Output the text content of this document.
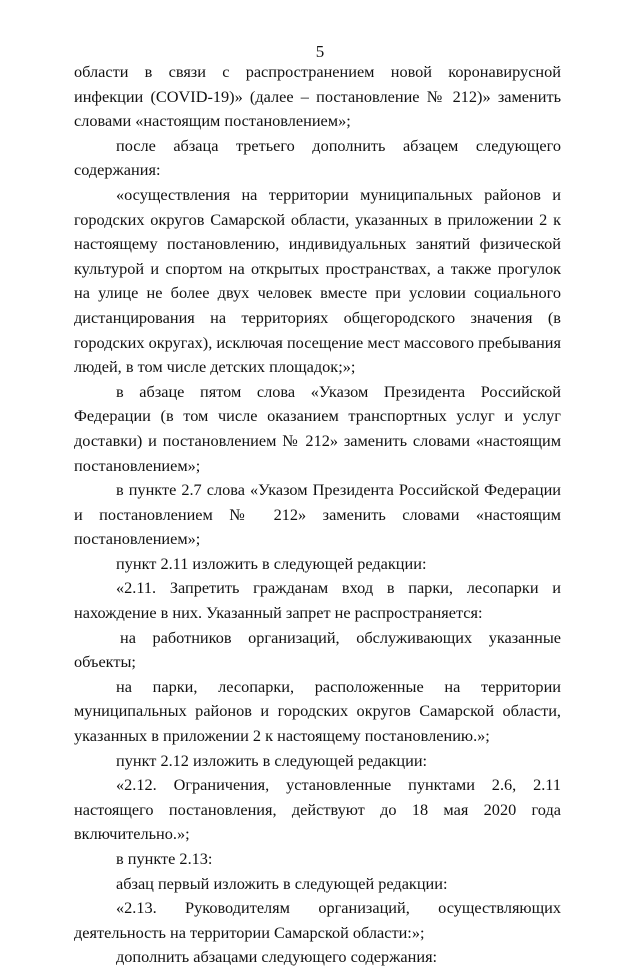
5

области в связи с распространением новой коронавирусной инфекции (COVID-19)» (далее – постановление № 212)» заменить словами «настоящим постановлением»;

после абзаца третьего дополнить абзацем следующего содержания:

«осуществления на территории муниципальных районов и городских округов Самарской области, указанных в приложении 2 к настоящему постановлению, индивидуальных занятий физической культурой и спортом на открытых пространствах, а также прогулок на улице не более двух человек вместе при условии социального дистанцирования на территориях общегородского значения (в городских округах), исключая посещение мест массового пребывания людей, в том числе детских площадок;»;

в абзаце пятом слова «Указом Президента Российской Федерации (в том числе оказанием транспортных услуг и услуг доставки) и постановлением № 212» заменить словами «настоящим постановлением»;

в пункте 2.7 слова «Указом Президента Российской Федерации и постановлением № 212» заменить словами «настоящим постановлением»;

пункт 2.11 изложить в следующей редакции:

«2.11. Запретить гражданам вход в парки, лесопарки и нахождение в них. Указанный запрет не распространяется:

на работников организаций, обслуживающих указанные объекты;

на парки, лесопарки, расположенные на территории муниципальных районов и городских округов Самарской области, указанных в приложении 2 к настоящему постановлению.»;

пункт 2.12 изложить в следующей редакции:

«2.12. Ограничения, установленные пунктами 2.6, 2.11 настоящего постановления, действуют до 18 мая 2020 года включительно.»;

в пункте 2.13:

абзац первый изложить в следующей редакции:

«2.13. Руководителям организаций, осуществляющих деятельность на территории Самарской области:»;

дополнить абзацами следующего содержания:
